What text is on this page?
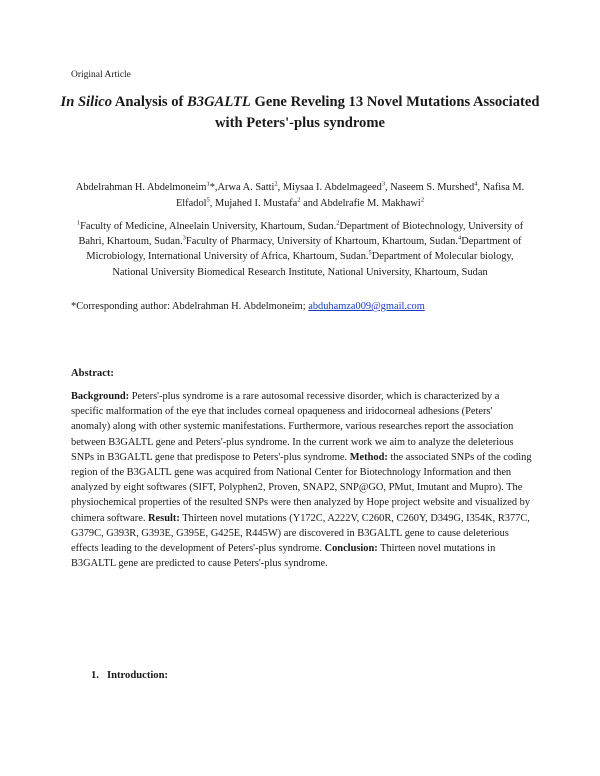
Original Article
In Silico Analysis of B3GALTL Gene Reveling 13 Novel Mutations Associated with Peters'-plus syndrome
Abdelrahman H. Abdelmoneim$^1$*,Arwa A. Satti$^2$, Miysaa I. Abdelmageed$^3$, Naseem S. Murshed$^4$, Nafisa M. Elfadol$^5$, Mujahed I. Mustafa$^2$ and Abdelrafie M. Makhawi$^2$
$^1$Faculty of Medicine, Alneelain University, Khartoum, Sudan.$^2$Department of Biotechnology, University of Bahri, Khartoum, Sudan.$^3$Faculty of Pharmacy, University of Khartoum, Khartoum, Sudan.$^4$Department of Microbiology, International University of Africa, Khartoum, Sudan.$^5$Department of Molecular biology, National University Biomedical Research Institute, National University, Khartoum, Sudan
*Corresponding author: Abdelrahman H. Abdelmoneim; abduhamza009@gmail.com
Abstract:
Background: Peters'-plus syndrome is a rare autosomal recessive disorder, which is characterized by a specific malformation of the eye that includes corneal opaqueness and iridocorneal adhesions (Peters' anomaly) along with other systemic manifestations. Furthermore, various researches report the association between B3GALTL gene and Peters'-plus syndrome. In the current work we aim to analyze the deleterious SNPs in B3GALTL gene that predispose to Peters'-plus syndrome. Method: the associated SNPs of the coding region of the B3GALTL gene was acquired from National Center for Biotechnology Information and then analyzed by eight softwares (SIFT, Polyphen2, Proven, SNAP2, SNP@GO, PMut, Imutant and Mupro). The physiochemical properties of the resulted SNPs were then analyzed by Hope project website and visualized by chimera software. Result: Thirteen novel mutations (Y172C, A222V, C260R, C260Y, D349G, I354K, R377C, G379C, G393R, G393E, G395E, G425E, R445W) are discovered in B3GALTL gene to cause deleterious effects leading to the development of Peters'-plus syndrome. Conclusion: Thirteen novel mutations in B3GALTL gene are predicted to cause Peters'-plus syndrome.
1. Introduction:
